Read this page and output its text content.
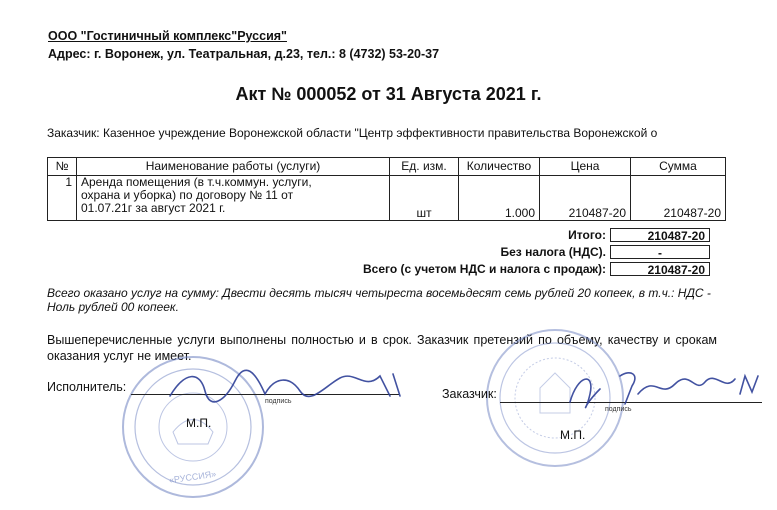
ООО "Гостиничный комплекс"Руссия"
Адрес: г. Воронеж, ул. Театральная, д.23, тел.: 8 (4732) 53-20-37
Акт № 000052 от 31 Августа 2021 г.
Заказчик: Казенное учреждение Воронежской области "Центр эффективности правительства Воронежской о
№	Наименование работы (услуги)	Ед. изм.	Количество	Цена	Сумма
1	Аренда помещения (в т.ч.коммун. услуги,
охрана и уборка) по договору № 11 от
01.07.21г за август 2021 г.	шт	1.000	210487-20	210487-20
Итого:	210487-20
Без налога (НДС).	-
Всего (с учетом НДС и налога с продаж):	210487-20
Всего оказано услуг на сумму: Двести десять тысяч четыреста восемьдесят семь рублей 20 копеек, в т.ч.: НДС - Ноль рублей 00 копеек.
Вышеперечисленные услуги выполнены полностью и в срок. Заказчик претензий по объему, качеству и срокам оказания услуг не имеет.
«РУССИЯ»
Исполнитель:
подпись
М.П.
Заказчик:
подпись
М.П.
